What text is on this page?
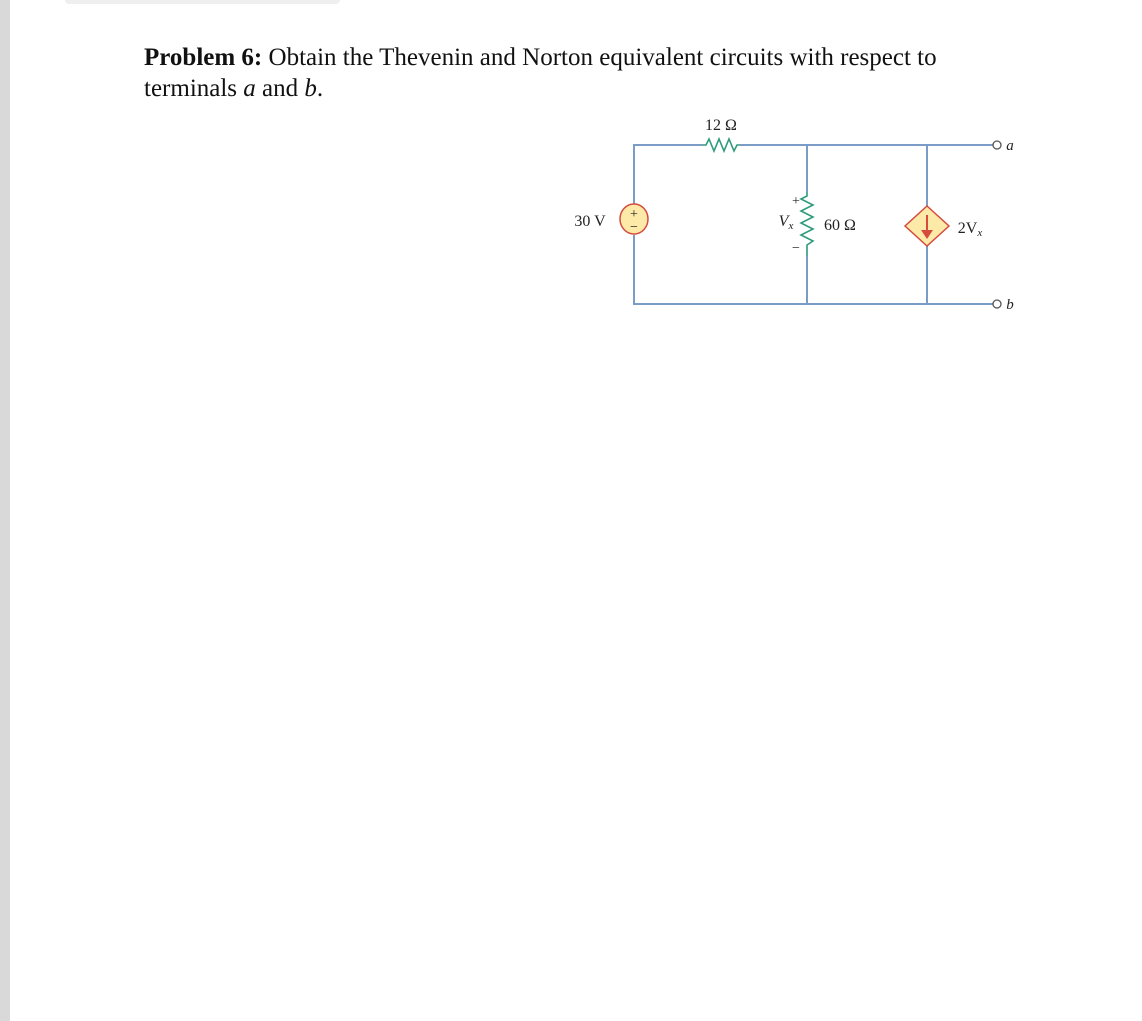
Problem 6: Obtain the Thevenin and Norton equivalent circuits with respect to terminals a and b.
+
−
12 Ω
30 V	60 Ω
+
Vx
−
2Vx
a
b
